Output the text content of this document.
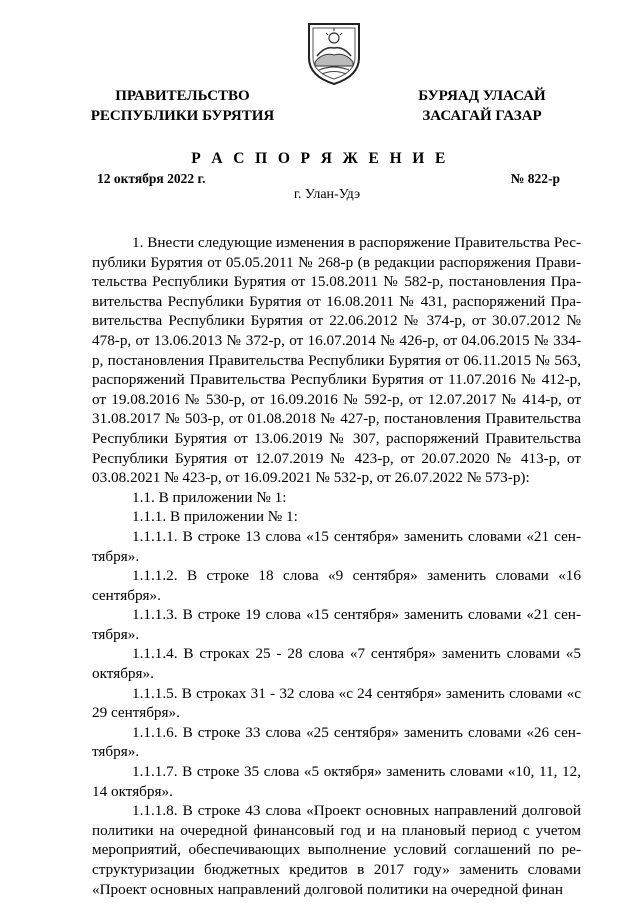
ПРАВИТЕЛЬСТВО
РЕСПУБЛИКИ БУРЯТИЯ
БУРЯАД УЛАСАЙ
ЗАСАГАЙ ГАЗАР
Р А С П О Р Я Ж Е Н И Е
12 октября 2022 г.	№ 822-р
г. Улан-Удэ

1. Внести следующие изменения в распоряжение Правительства Республики Бурятия от 05.05.2011 № 268-р (в редакции распоряжения Правительства Республики Бурятия от 15.08.2011 № 582-р, постановления Правительства Республики Бурятия от 16.08.2011 № 431, распоряжений Правительства Республики Бурятия от 22.06.2012 № 374-р, от 30.07.2012 № 478-р, от 13.06.2013 № 372-р, от 16.07.2014 № 426-р, от 04.06.2015 № 334-р, постановления Правительства Республики Бурятия от 06.11.2015 № 563, распоряжений Правительства Республики Бурятия от 11.07.2016 № 412-р, от 19.08.2016 № 530-р, от 16.09.2016 № 592-р, от 12.07.2017 № 414-р, от 31.08.2017 № 503-р, от 01.08.2018 № 427-р, постановления Правительства Республики Бурятия от 13.06.2019 № 307, распоряжений Правительства Республики Бурятия от 12.07.2019 № 423-р, от 20.07.2020 № 413-р, от 03.08.2021 № 423-р, от 16.09.2021 № 532-р, от 26.07.2022 № 573-р):

1.1. В приложении № 1:

1.1.1. В приложении № 1:

1.1.1.1. В строке 13 слова «15 сентября» заменить словами «21 сентября».

1.1.1.2. В строке 18 слова «9 сентября» заменить словами «16 сентября».

1.1.1.3. В строке 19 слова «15 сентября» заменить словами «21 сентября».

1.1.1.4. В строках 25 - 28 слова «7 сентября» заменить словами «5 октября».

1.1.1.5. В строках 31 - 32 слова «с 24 сентября» заменить словами «с 29 сентября».

1.1.1.6. В строке 33 слова «25 сентября» заменить словами «26 сентября».

1.1.1.7. В строке 35 слова «5 октября» заменить словами «10, 11, 12, 14 октября».

1.1.1.8. В строке 43 слова «Проект основных направлений долговой политики на очередной финансовый год и на плановый период с учетом мероприятий, обеспечивающих выполнение условий соглашений по реструктуризации бюджетных кредитов в 2017 году» заменить словами «Проект основных направлений долговой политики на очередной финан
